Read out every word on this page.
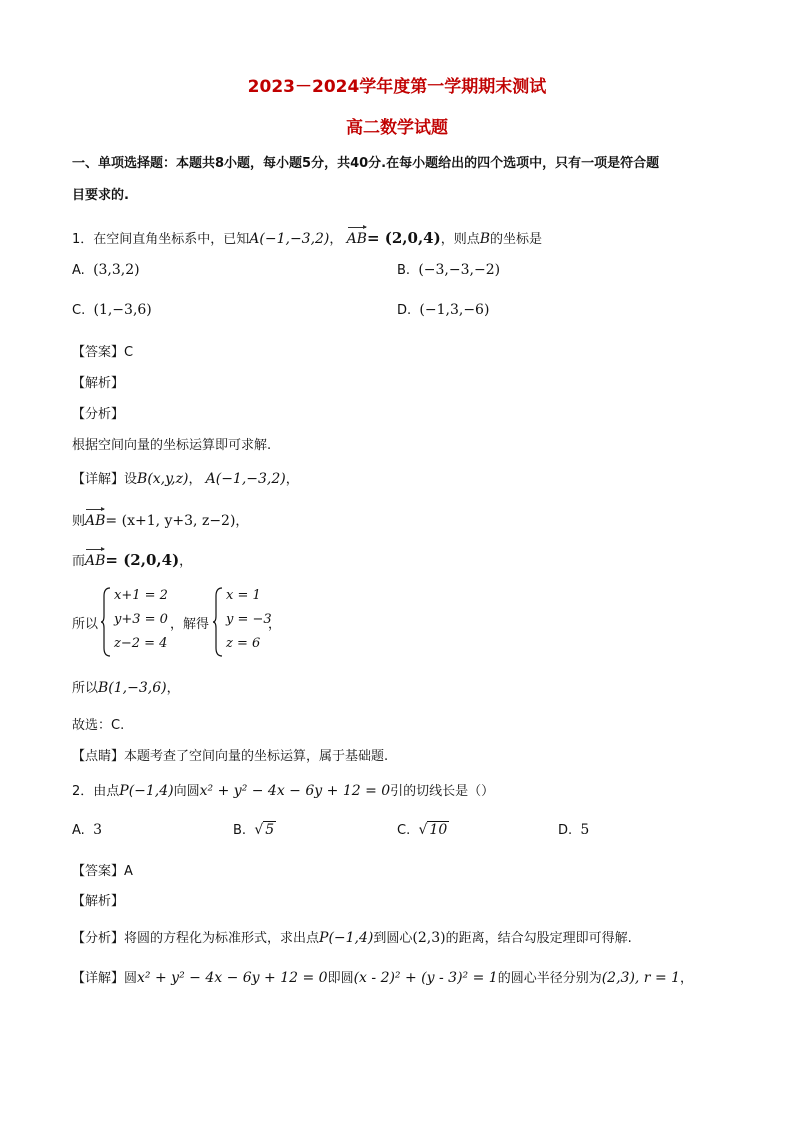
2023－2024学年度第一学期期末测试
高二数学试题
一、单项选择题：本题共8小题，每小题5分，共40分.在每小题给出的四个选项中，只有一项是符合题
目要求的.
1．在空间直角坐标系中，已知A(−1,−3,2)， AB= (2,0,4)，则点B的坐标是
A. (3,3,2)	B. (−3,−3,−2)
C. (1,−3,6)	D. (−1,3,−6)
【答案】C
【解析】
【分析】
根据空间向量的坐标运算即可求解.
【详解】设B(x,y,z)， A(−1,−3,2)，
则AB= (x+1, y+3, z−2)，
而AB= (2,0,4)，
所以
x+1 = 2
y+3 = 0
z−2 = 4
，解得
x = 1
y = −3
z = 6
，
所以B(1,−3,6)，
故选：C.
【点睛】本题考查了空间向量的坐标运算，属于基础题.
2．由点P(−1,4)向圆x² + y² − 4x − 6y + 12 = 0引的切线长是（）
A. 3	B. √ 5	C. √ 10	D. 5
【答案】A
【解析】
【分析】将圆的方程化为标准形式，求出点P(−1,4)到圆心(2,3)的距离，结合勾股定理即可得解.
【详解】圆x² + y² − 4x − 6y + 12 = 0即圆(x - 2)² + (y - 3)² = 1的圆心半径分别为(2,3), r = 1，
